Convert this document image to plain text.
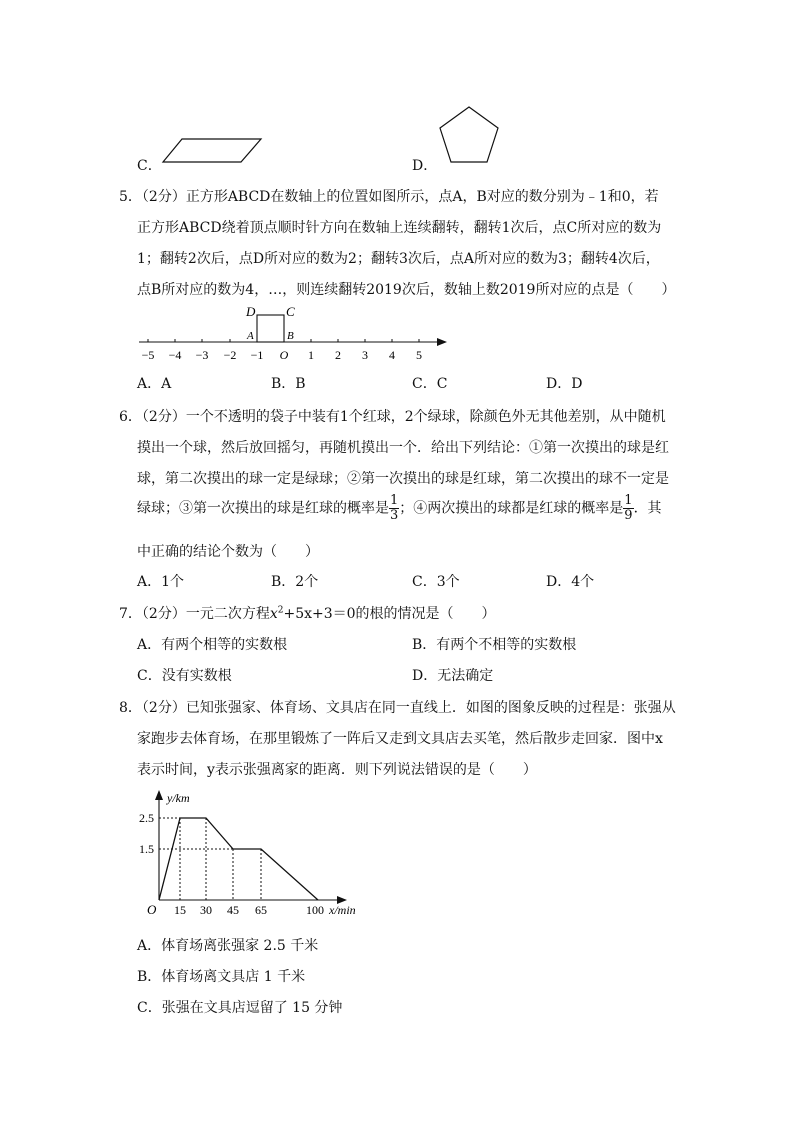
C．	D．
5．（2分）正方形ABCD在数轴上的位置如图所示，点A，B对应的数分别为﹣1和0，若
正方形ABCD绕着顶点顺时针方向在数轴上连续翻转，翻转1次后，点C所对应的数为
1；翻转2次后，点D所对应的数为2；翻转3次后，点A所对应的数为3；翻转4次后，
点B所对应的数为4，…，则连续翻转2019次后，数轴上数2019所对应的点是（　　）
D C
A	B
−5 −4 −3 −2 −1 O 1 2 3 4 5
A．A	B．B	C．C	D．D
6．（2分）一个不透明的袋子中装有1个红球，2个绿球，除颜色外无其他差别，从中随机
摸出一个球，然后放回摇匀，再随机摸出一个．给出下列结论：①第一次摸出的球是红
球，第二次摸出的球一定是绿球；②第一次摸出的球是红球，第二次摸出的球不一定是
绿球；③第一次摸出的球是红球的概率是 $\frac{1}{3}$ ；④两次摸出的球都是红球的概率是 $\frac{1}{9}$ ．其
中正确的结论个数为（　　）
A．1个	B．2个	C．3个	D．4个
7．（2分）一元二次方程$x^2+5x+3=0$的根的情况是（　　）
A．有两个相等的实数根	B．有两个不相等的实数根
C．没有实数根	D．无法确定
8．（2分）已知张强家、体育场、文具店在同一直线上．如图的图象反映的过程是：张强从
家跑步去体育场，在那里锻炼了一阵后又走到文具店去买笔，然后散步走回家．图中x
表示时间，y表示张强离家的距离．则下列说法错误的是（　　）
y/km
x/min
O
2.5
1.5
15 30 45 65	100
A．体育场离张强家 2.5 千米
B．体育场离文具店 1 千米
C．张强在文具店逗留了 15 分钟
